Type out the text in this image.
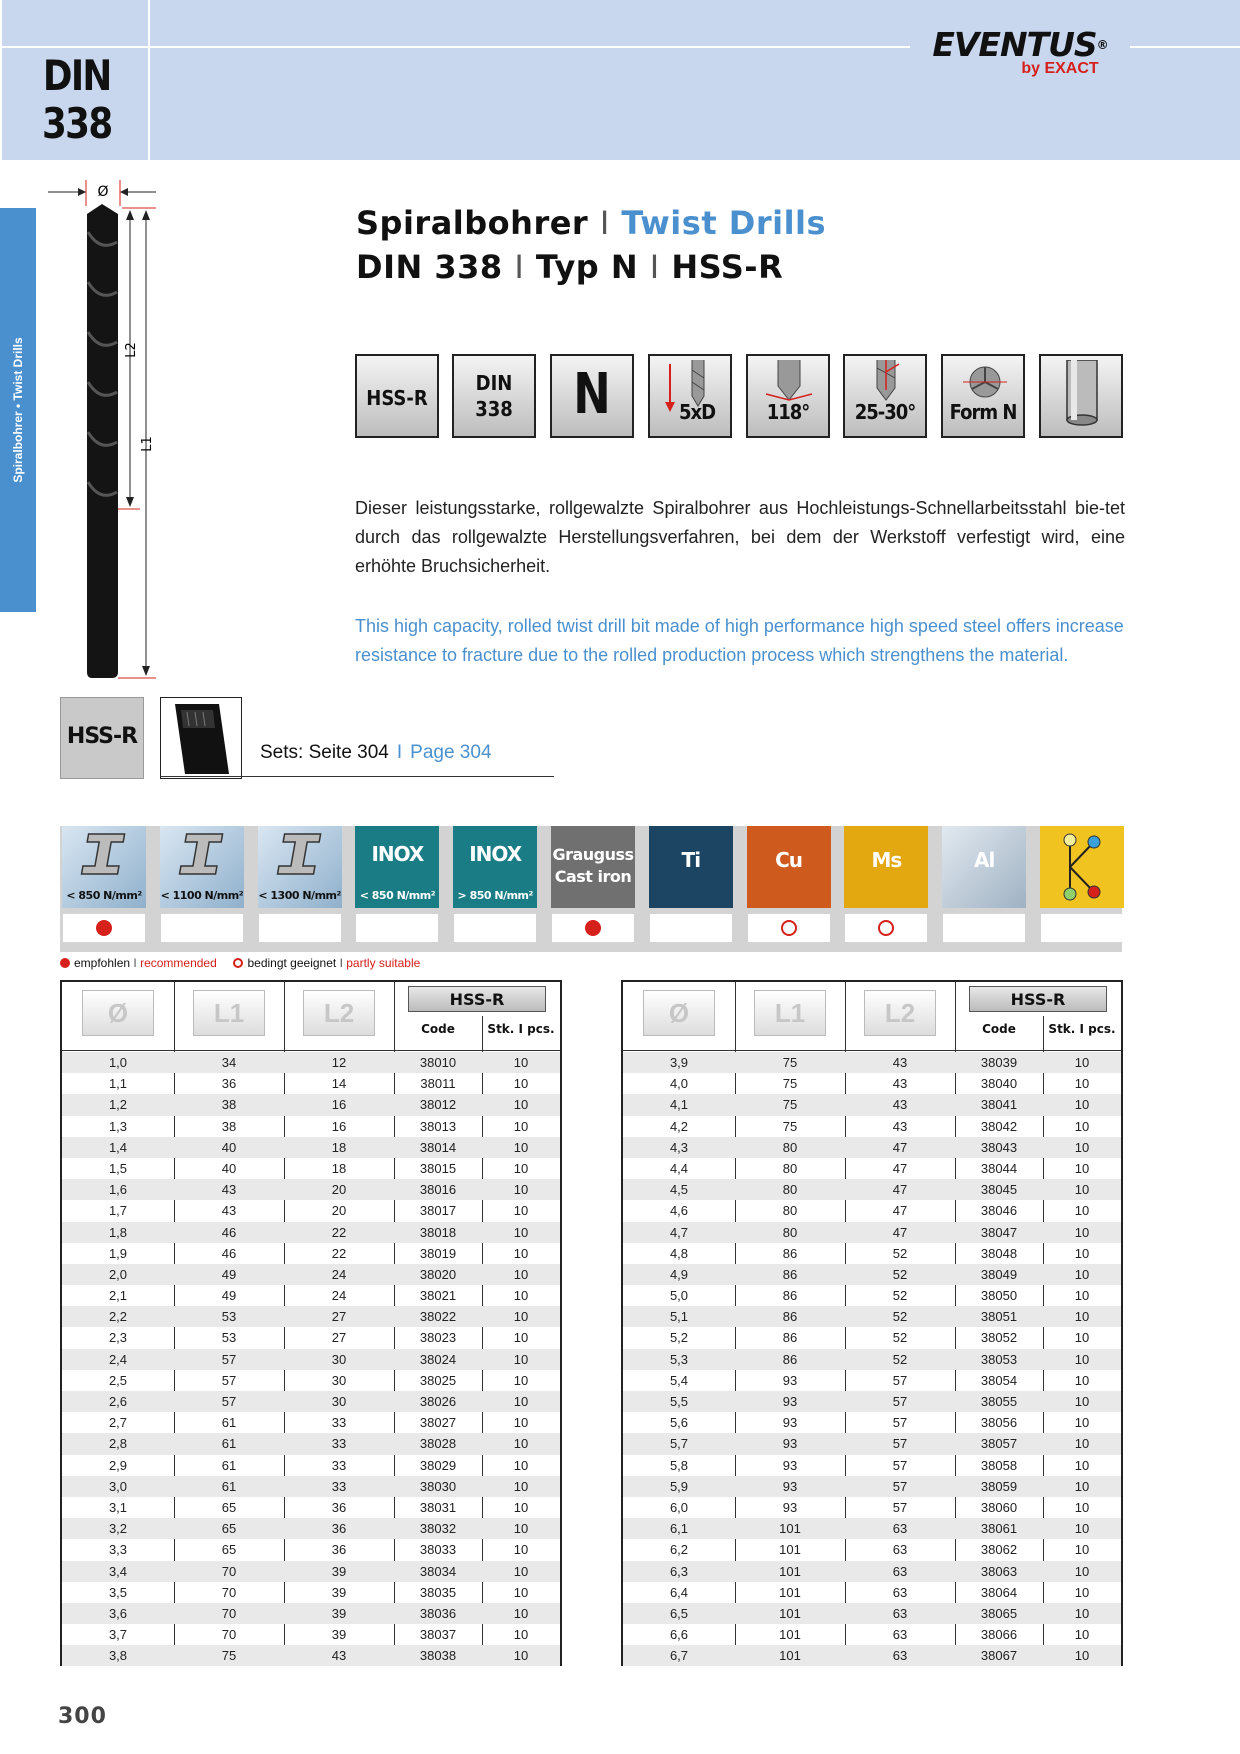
DIN
338
EVENTUS®
by EXACT
Spiralbohrer • Twist Drills
Ø
L2
L1
Spiralbohrer I Twist Drills
DIN 338 I Typ N I HSS-R
HSS-R
DIN 338	N	5xD	118°	25-30°	Form N
Dieser leistungsstarke, rollgewalzte Spiralbohrer aus Hochleistungs-Schnellarbeitsstahl bie-tet durch das rollgewalzte Herstellungsverfahren, bei dem der Werkstoff verfestigt wird, eine erhöhte Bruchsicherheit.
This high capacity, rolled twist drill bit made of high performance high speed steel offers increase resistance to fracture due to the rolled production process which strengthens the material.
HSS-R
Sets: Seite 304 I Page 304
< 850 N/mm²	< 1100 N/mm² < 1300 N/mm²
INOX
< 850 N/mm²
INOX
> 850 N/mm²
Grauguss
Cast iron
Ti	Cu	Ms	Al
empfohlen I recommended	bedingt geeignet I partly suitable
Ø	L1	L2	HSS-R
Code	Stk. I pcs.
1,0	34	12	38010	10
1,1	36	14	38011	10
1,2	38	16	38012	10
1,3	38	16	38013	10
1,4	40	18	38014	10
1,5	40	18	38015	10
1,6	43	20	38016	10
1,7	43	20	38017	10
1,8	46	22	38018	10
1,9	46	22	38019	10
2,0	49	24	38020	10
2,1	49	24	38021	10
2,2	53	27	38022	10
2,3	53	27	38023	10
2,4	57	30	38024	10
2,5	57	30	38025	10
2,6	57	30	38026	10
2,7	61	33	38027	10
2,8	61	33	38028	10
2,9	61	33	38029	10
3,0	61	33	38030	10
3,1	65	36	38031	10
3,2	65	36	38032	10
3,3	65	36	38033	10
3,4	70	39	38034	10
3,5	70	39	38035	10
3,6	70	39	38036	10
3,7	70	39	38037	10
3,8	75	43	38038	10
Ø	L1	L2	HSS-R
Code	Stk. I pcs.
3,9	75	43	38039	10
4,0	75	43	38040	10
4,1	75	43	38041	10
4,2	75	43	38042	10
4,3	80	47	38043	10
4,4	80	47	38044	10
4,5	80	47	38045	10
4,6	80	47	38046	10
4,7	80	47	38047	10
4,8	86	52	38048	10
4,9	86	52	38049	10
5,0	86	52	38050	10
5,1	86	52	38051	10
5,2	86	52	38052	10
5,3	86	52	38053	10
5,4	93	57	38054	10
5,5	93	57	38055	10
5,6	93	57	38056	10
5,7	93	57	38057	10
5,8	93	57	38058	10
5,9	93	57	38059	10
6,0	93	57	38060	10
6,1	101	63	38061	10
6,2	101	63	38062	10
6,3	101	63	38063	10
6,4	101	63	38064	10
6,5	101	63	38065	10
6,6	101	63	38066	10
6,7	101	63	38067	10
300
